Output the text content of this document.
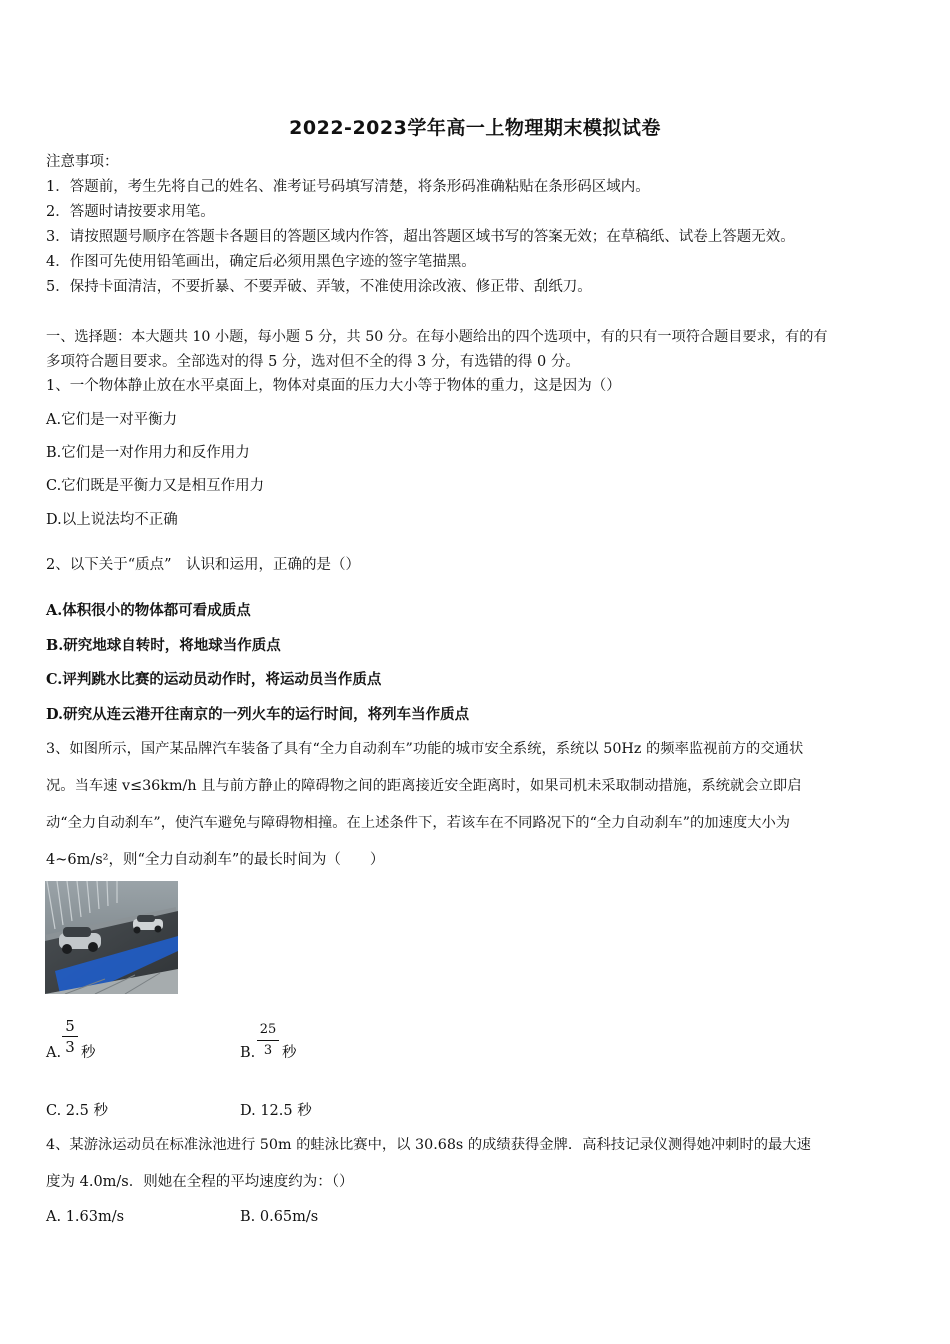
2022-2023学年高一上物理期末模拟试卷
注意事项：
1．答题前，考生先将自己的姓名、准考证号码填写清楚，将条形码准确粘贴在条形码区域内。
2．答题时请按要求用笔。
3．请按照题号顺序在答题卡各题目的答题区域内作答，超出答题区域书写的答案无效；在草稿纸、试卷上答题无效。
4．作图可先使用铅笔画出，确定后必须用黑色字迹的签字笔描黑。
5．保持卡面清洁，不要折暴、不要弄破、弄皱，不准使用涂改液、修正带、刮纸刀。
一、选择题：本大题共 10 小题，每小题 5 分，共 50 分。在每小题给出的四个选项中，有的只有一项符合题目要求，有的有
多项符合题目要求。全部选对的得 5 分，选对但不全的得 3 分，有选错的得 0 分。
1、一个物体静止放在水平桌面上，物体对桌面的压力大小等于物体的重力，这是因为（）
A.它们是一对平衡力
B.它们是一对作用力和反作用力
C.它们既是平衡力又是相互作用力
D.以上说法均不正确
2、以下关于“质点”　认识和运用，正确的是（）
A.体积很小的物体都可看成质点
B.研究地球自转时，将地球当作质点
C.评判跳水比赛的运动员动作时，将运动员当作质点
D.研究从连云港开往南京的一列火车的运行时间，将列车当作质点
3、如图所示，国产某品牌汽车装备了具有“全力自动刹车”功能的城市安全系统，系统以 50Hz 的频率监视前方的交通状
况。当车速 v≤36km/h 且与前方静止的障碍物之间的距离接近安全距离时，如果司机未采取制动措施，系统就会立即启
动“全力自动刹车”，使汽车避免与障碍物相撞。在上述条件下，若该车在不同路况下的“全力自动刹车”的加速度大小为
4~6m/s²，则“全力自动刹车”的最长时间为（　　）
A.
5
3 秒	B.
25
3 秒
C. 2.5 秒	D. 12.5 秒
4、某游泳运动员在标准泳池进行 50m 的蛙泳比赛中，以 30.68s 的成绩获得金牌．高科技记录仪测得她冲刺时的最大速
度为 4.0m/s．则她在全程的平均速度约为：（）
A. 1.63m/s	B. 0.65m/s
